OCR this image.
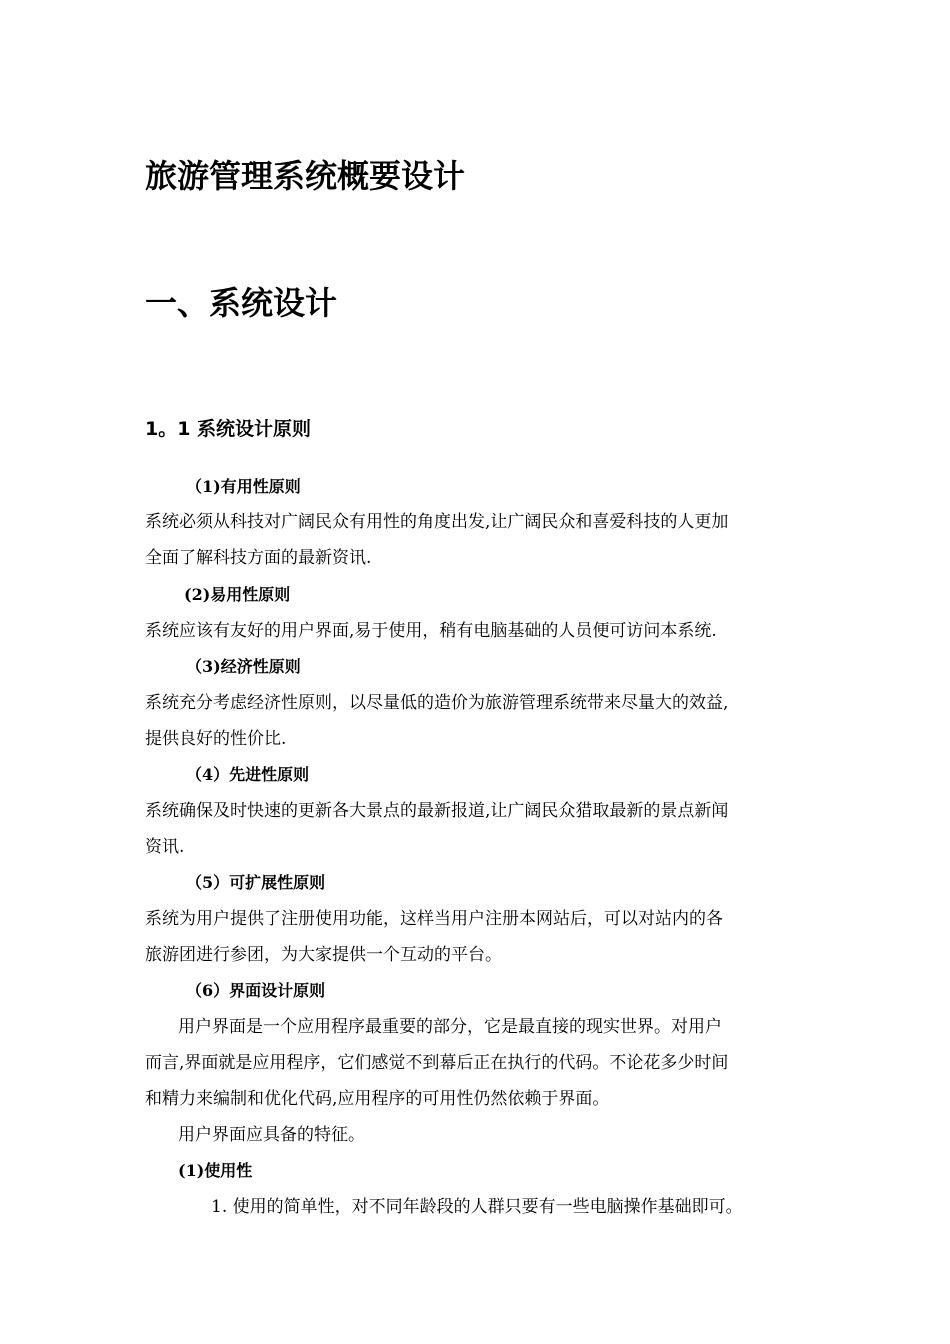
旅游管理系统概要设计
一、系统设计
1。1 系统设计原则
（1)有用性原则
系统必须从科技对广阔民众有用性的角度出发,让广阔民众和喜爱科技的人更加
全面了解科技方面的最新资讯.
(2)易用性原则
系统应该有友好的用户界面,易于使用，稍有电脑基础的人员便可访问本系统.
（3)经济性原则
系统充分考虑经济性原则，以尽量低的造价为旅游管理系统带来尽量大的效益,
提供良好的性价比.
（4）先进性原则
系统确保及时快速的更新各大景点的最新报道,让广阔民众猎取最新的景点新闻
资讯.
（5）可扩展性原则
系统为用户提供了注册使用功能，这样当用户注册本网站后，可以对站内的各
旅游团进行参团，为大家提供一个互动的平台。
（6）界面设计原则
用户界面是一个应用程序最重要的部分，它是最直接的现实世界。对用户
而言,界面就是应用程序，它们感觉不到幕后正在执行的代码。不论花多少时间
和精力来编制和优化代码,应用程序的可用性仍然依赖于界面。
用户界面应具备的特征。
(1)使用性
1. 使用的简单性，对不同年龄段的人群只要有一些电脑操作基础即可。
